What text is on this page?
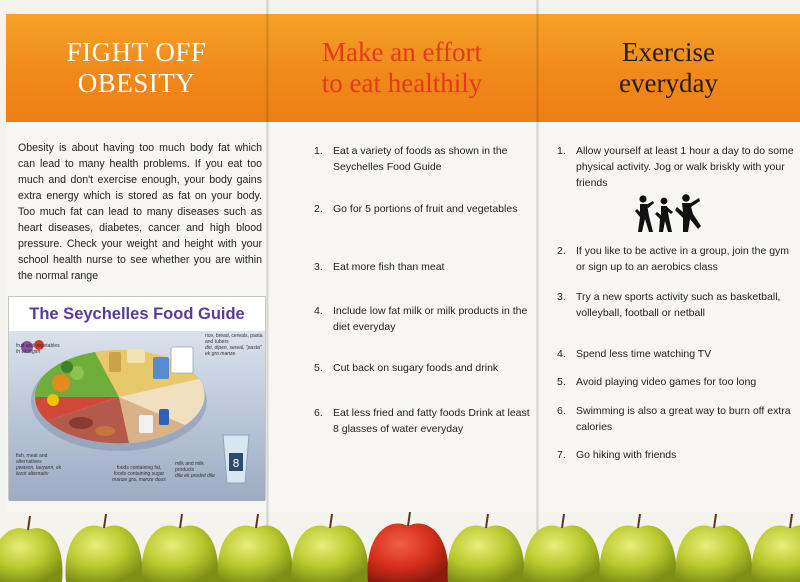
FIGHT OFF
OBESITY

Obesity is about having too much body fat which can lead to many health problems. If you eat too much and don't exercise enough, your body gains extra energy which is stored as fat on your body. Too much fat can lead to many diseases such as heart diseases, diabetes, cancer and high blood pressure. Check your weight and height with your school health nurse to see whether you are within the normal range

The Seychelles Food Guide
8
fruit and vegetables
fri ek legim
rice, bread, cereals, pasta and tubers
diri, dipen, sereal, "pasta" ek gro manze
fish, meat and alternatives
pwason, lavyann, ek lezot alternativ
foods containing fat, foods containing sugar
manze gra, manze dous
milk and milk products
dile ek prodwi dile
Make an effort
to eat healthily
1. Eat a variety of foods as shown in the Seychelles Food Guide
2. Go for 5 portions of fruit and vegetables
3. Eat more fish than meat
4. Include low fat milk or milk products in the diet everyday
5. Cut back on sugary foods and drink
6. Eat less fried and fatty foods Drink at least 8 glasses of water everyday
Exercise
everyday
1. Allow yourself at least 1 hour a day to do some physical activity. Jog or walk briskly with your friends
2. If you like to be active in a group, join the gym or sign up to an aerobics class
3. Try a new sports activity such as basketball, volleyball, football or netball
4. Spend less time watching TV
5. Avoid playing video games for too long
6. Swimming is also a great way to burn off extra calories
7. Go hiking with friends
